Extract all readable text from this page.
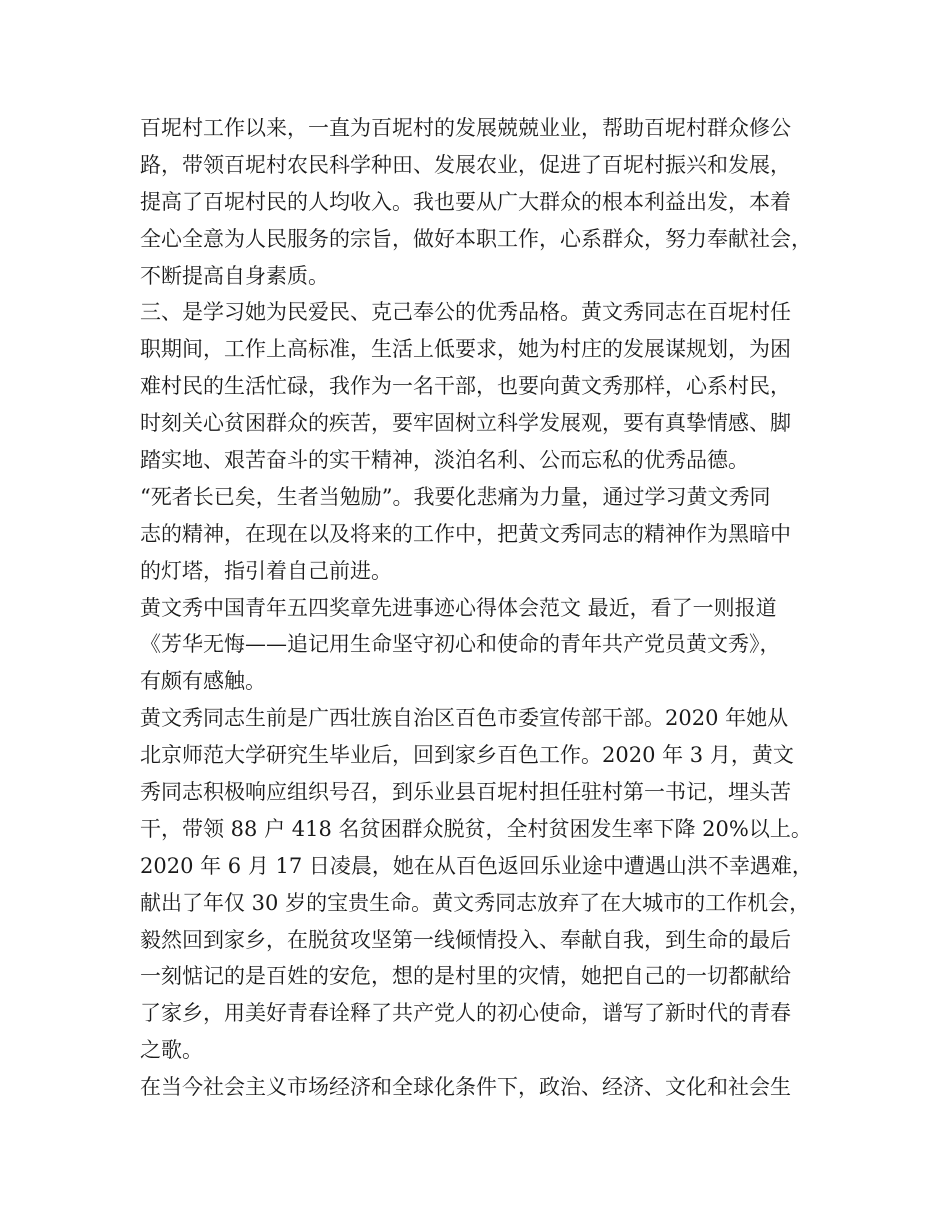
百坭村工作以来，一直为百坭村的发展兢兢业业，帮助百坭村群众修公
路，带领百坭村农民科学种田、发展农业，促进了百坭村振兴和发展，
提高了百坭村民的人均收入。我也要从广大群众的根本利益出发，本着
全心全意为人民服务的宗旨，做好本职工作，心系群众，努力奉献社会，
不断提高自身素质。
三、是学习她为民爱民、克己奉公的优秀品格。黄文秀同志在百坭村任
职期间，工作上高标准，生活上低要求，她为村庄的发展谋规划，为困
难村民的生活忙碌，我作为一名干部，也要向黄文秀那样，心系村民，
时刻关心贫困群众的疾苦，要牢固树立科学发展观，要有真挚情感、脚
踏实地、艰苦奋斗的实干精神，淡泊名利、公而忘私的优秀品德。
“死者长已矣，生者当勉励”。我要化悲痛为力量，通过学习黄文秀同
志的精神，在现在以及将来的工作中，把黄文秀同志的精神作为黑暗中
的灯塔，指引着自己前进。
黄文秀中国青年五四奖章先进事迹心得体会范文 最近，看了一则报道
《芳华无悔——追记用生命坚守初心和使命的青年共产党员黄文秀》，
有颇有感触。
黄文秀同志生前是广西壮族自治区百色市委宣传部干部。2020 年她从
北京师范大学研究生毕业后，回到家乡百色工作。2020 年 3 月，黄文
秀同志积极响应组织号召，到乐业县百坭村担任驻村第一书记，埋头苦
干，带领 88 户 418 名贫困群众脱贫，全村贫困发生率下降 20%以上。
2020 年 6 月 17 日凌晨，她在从百色返回乐业途中遭遇山洪不幸遇难，
献出了年仅 30 岁的宝贵生命。黄文秀同志放弃了在大城市的工作机会，
毅然回到家乡，在脱贫攻坚第一线倾情投入、奉献自我，到生命的最后
一刻惦记的是百姓的安危，想的是村里的灾情，她把自己的一切都献给
了家乡，用美好青春诠释了共产党人的初心使命，谱写了新时代的青春
之歌。
在当今社会主义市场经济和全球化条件下，政治、经济、文化和社会生
